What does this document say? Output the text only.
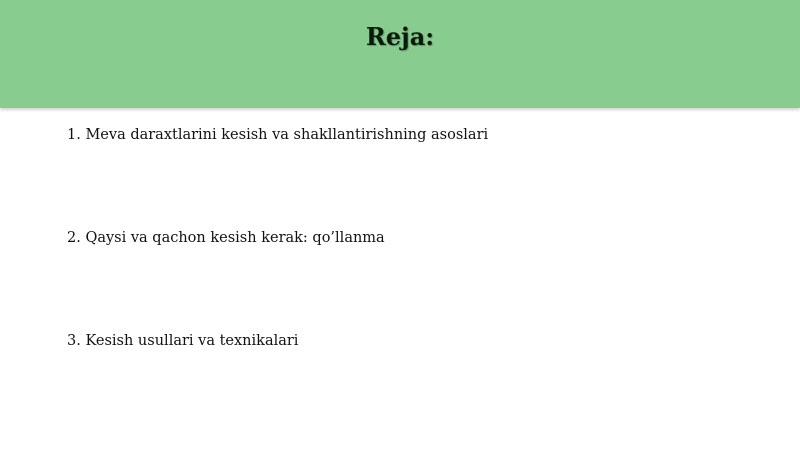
Reja:
1. Meva daraxtlarini kesish va shakllantirishning asoslari
2. Qaysi va qachon kesish kerak: qo’llanma
3. Kesish usullari va texnikalari
